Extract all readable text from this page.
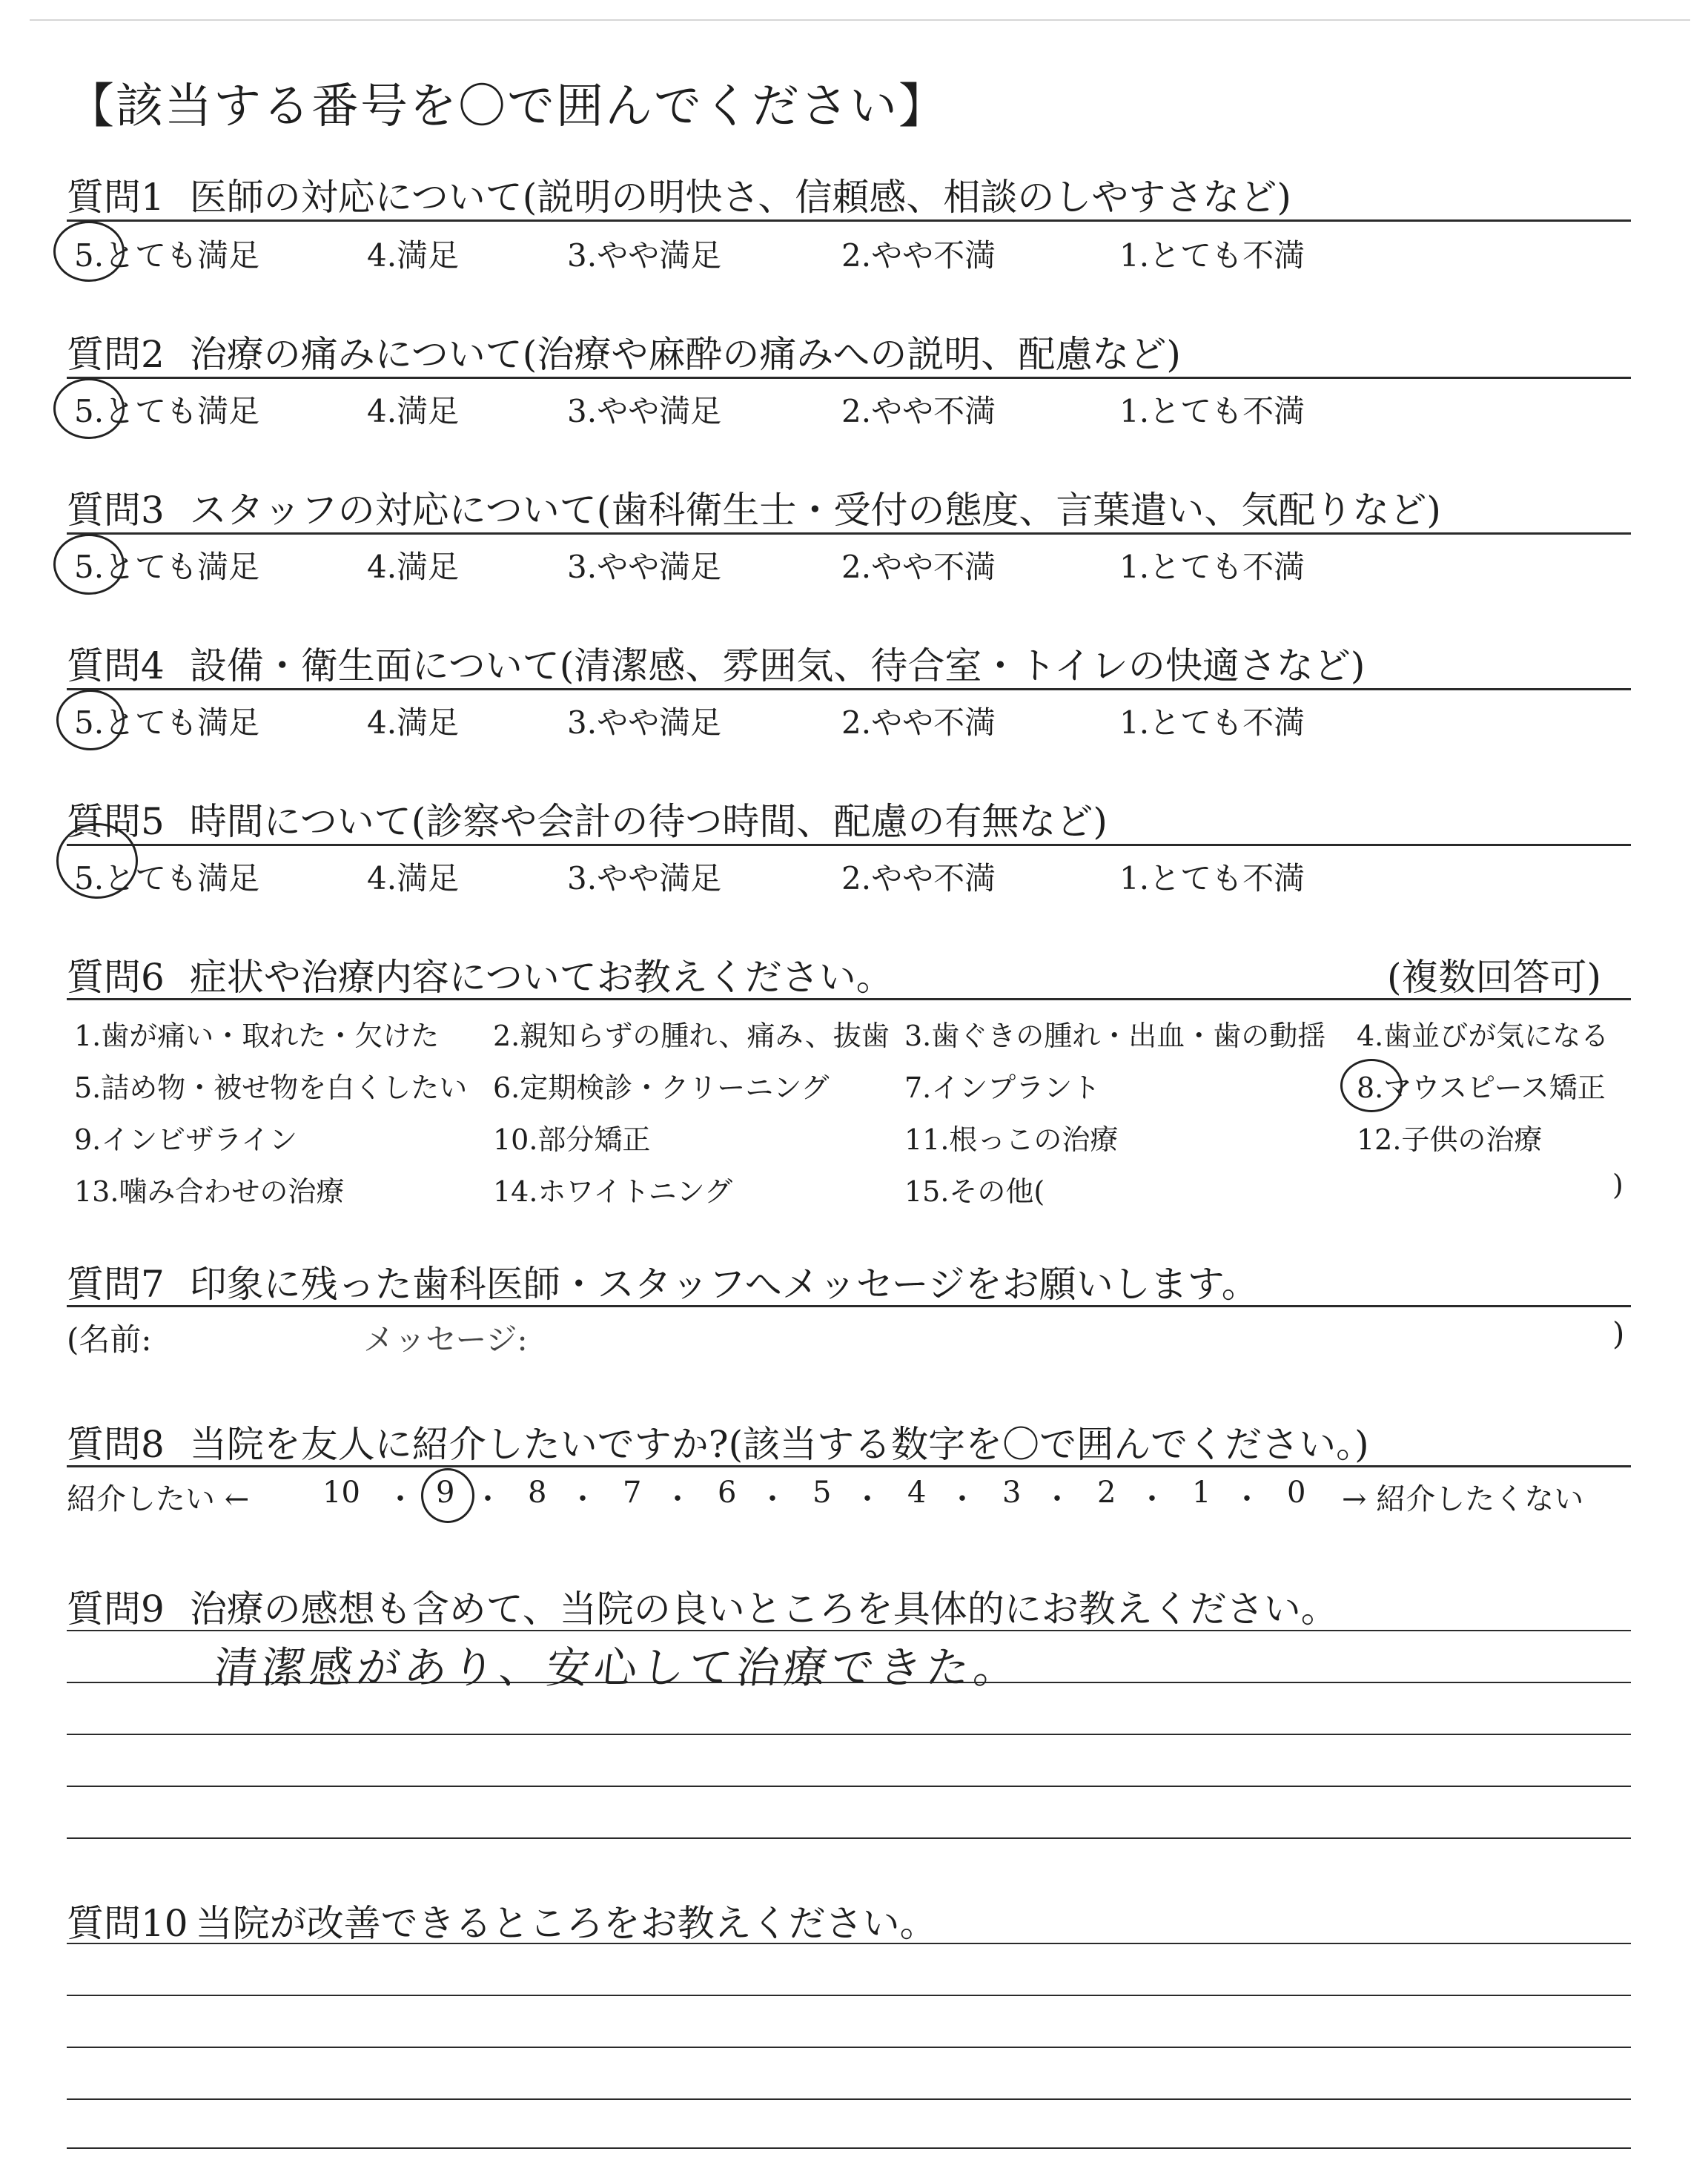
【該当する番号を〇で囲んでください】
質問1 医師の対応について(説明の明快さ、信頼感、相談のしやすさなど)
5.とても満足	4.満足	3.やや満足	2.やや不満	1.とても不満
質問2 治療の痛みについて(治療や麻酔の痛みへの説明、配慮など)
5.とても満足	4.満足	3.やや満足	2.やや不満	1.とても不満
質問3 スタッフの対応について(歯科衛生士・受付の態度、言葉遣い、気配りなど)
5.とても満足	4.満足	3.やや満足	2.やや不満	1.とても不満
質問4 設備・衛生面について(清潔感、雰囲気、待合室・トイレの快適さなど)
5.とても満足	4.満足	3.やや満足	2.やや不満	1.とても不満
質問5 時間について(診察や会計の待つ時間、配慮の有無など)
5.とても満足	4.満足	3.やや満足	2.やや不満	1.とても不満
質問6 症状や治療内容についてお教えください。	(複数回答可)
1.歯が痛い・取れた・欠けた 2.親知らずの腫れ、痛み、抜歯 3.歯ぐきの腫れ・出血・歯の動揺 4.歯並びが気になる
5.詰め物・被せ物を白くしたい 6.定期検診・クリーニング	7.インプラント	8.マウスピース矯正
9.インビザライン	10.部分矯正	11.根っこの治療	12.子供の治療
13.噛み合わせの治療	14.ホワイトニング	15.その他(	)
質問7 印象に残った歯科医師・スタッフへメッセージをお願いします。
(名前:	メッセージ:	)
質問8 当院を友人に紹介したいですか?(該当する数字を〇で囲んでください。)
紹介したい ← 10 ・ 9 ・ 8 ・ 7 ・ 6 ・ 5 ・ 4 ・ 3 ・ 2 ・ 1 ・ 0 → 紹介したくない
質問9 治療の感想も含めて、当院の良いところを具体的にお教えください。
清潔感があり、安心して治療できた。
質問10 当院が改善できるところをお教えください。
